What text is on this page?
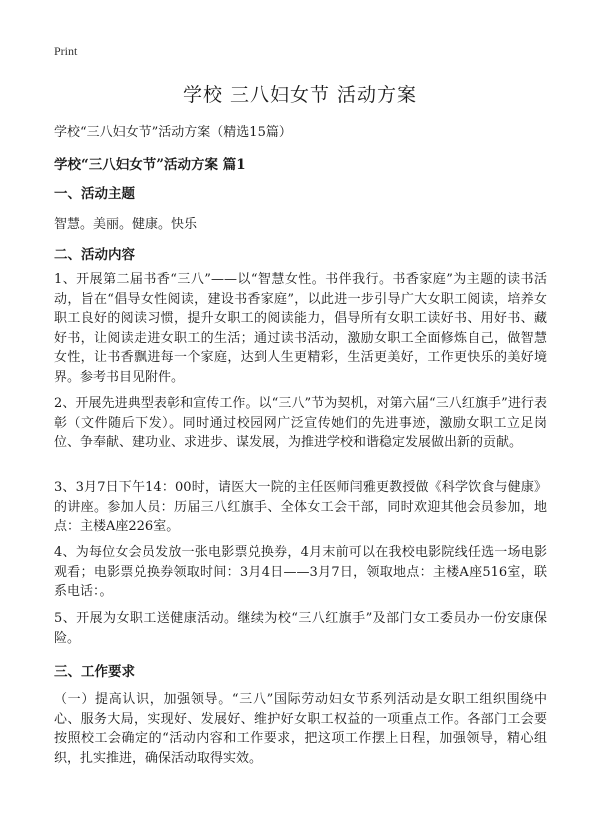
Print
学校 三八妇女节 活动方案
学校“三八妇女节”活动方案（精选15篇）
学校“三八妇女节”活动方案 篇1
一、活动主题
智慧。美丽。健康。快乐
二、活动内容
1、开展第二届书香“三八”——以“智慧女性。书伴我行。书香家庭”为主题的读书活动，旨在“倡导女性阅读，建设书香家庭”，以此进一步引导广大女职工阅读，培养女职工良好的阅读习惯，提升女职工的阅读能力，倡导所有女职工读好书、用好书、藏好书，让阅读走进女职工的生活；通过读书活动，激励女职工全面修炼自己，做智慧女性，让书香飘进每一个家庭，达到人生更精彩，生活更美好，工作更快乐的美好境界。参考书目见附件。
2、开展先进典型表彰和宣传工作。以“三八”节为契机，对第六届“三八红旗手”进行表彰（文件随后下发）。同时通过校园网广泛宣传她们的先进事迹，激励女职工立足岗位、争奉献、建功业、求进步、谋发展，为推进学校和谐稳定发展做出新的贡献。
3、3月7日下午14：00时，请医大一院的主任医师闫雅更教授做《科学饮食与健康》的讲座。参加人员：历届三八红旗手、全体女工会干部，同时欢迎其他会员参加，地点：主楼A座226室。
4、为每位女会员发放一张电影票兑换券，4月末前可以在我校电影院线任选一场电影观看；电影票兑换券领取时间：3月4日——3月7日，领取地点：主楼A座516室，联系电话：。
5、开展为女职工送健康活动。继续为校“三八红旗手”及部门女工委员办一份安康保险。
三、工作要求
（一）提高认识，加强领导。“三八”国际劳动妇女节系列活动是女职工组织围绕中心、服务大局，实现好、发展好、维护好女职工权益的一项重点工作。各部门工会要按照校工会确定的“活动内容和工作要求，把这项工作摆上日程，加强领导，精心组织，扎实推进，确保活动取得实效。
